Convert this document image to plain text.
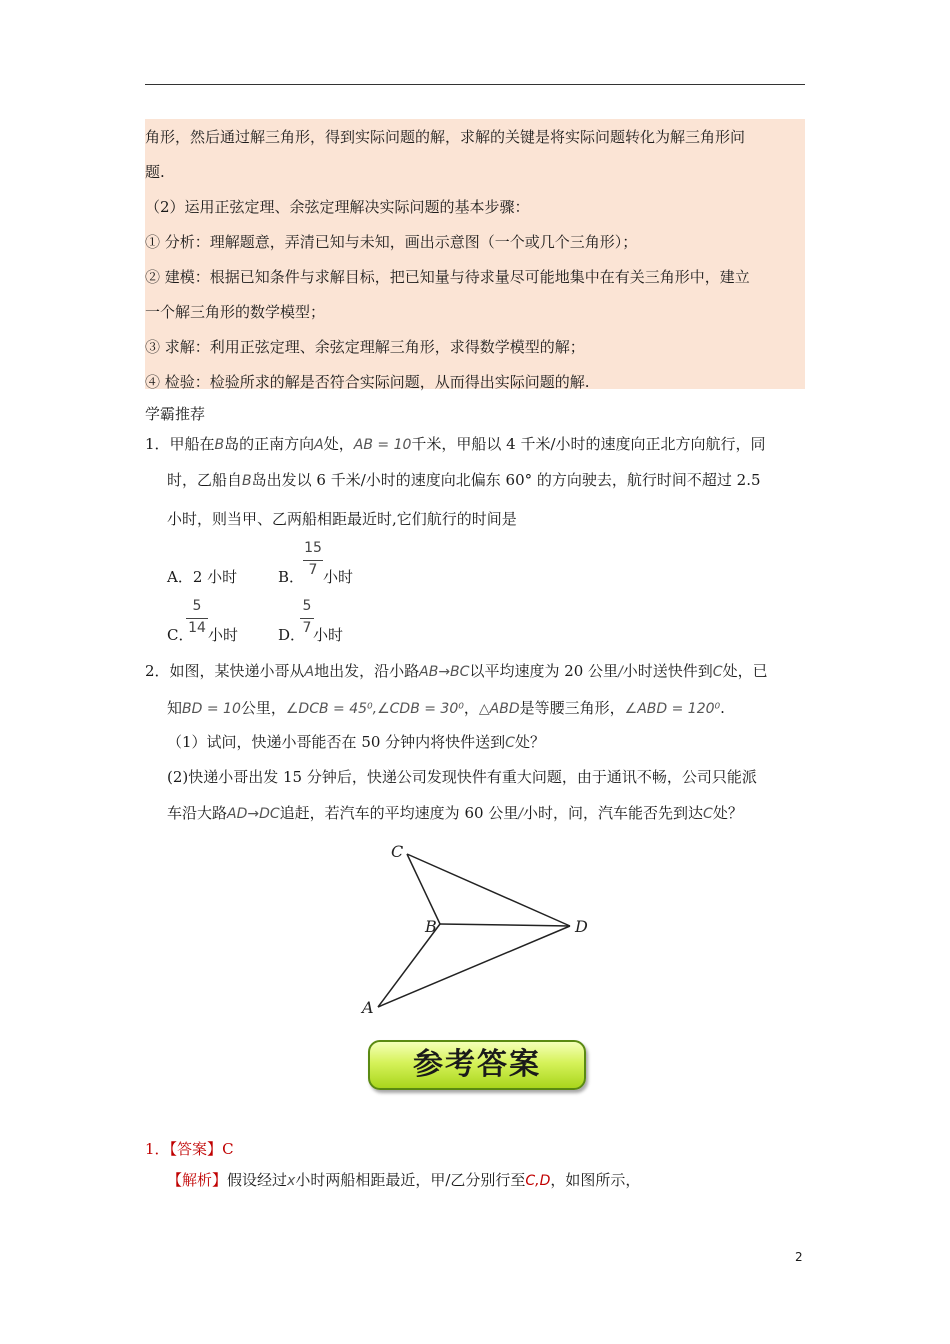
角形，然后通过解三角形，得到实际问题的解，求解的关键是将实际问题转化为解三角形问
题.
（2）运用正弦定理、余弦定理解决实际问题的基本步骤：
① 分析：理解题意，弄清已知与未知，画出示意图（一个或几个三角形）；
② 建模：根据已知条件与求解目标，把已知量与待求量尽可能地集中在有关三角形中，建立
一个解三角形的数学模型；
③ 求解：利用正弦定理、余弦定理解三角形，求得数学模型的解；
④ 检验：检验所求的解是否符合实际问题，从而得出实际问题的解.
学霸推荐
1．甲船在B岛的正南方向A处，AB = 10千米，甲船以 4 千米/小时的速度向正北方向航行，同
时，乙船自B岛出发以 6 千米/小时的速度向北偏东 60° 的方向驶去，航行时间不超过 2.5
小时，则当甲、乙两船相距最近时,它们航行的时间是
A．2 小时	B．
15
7 小时
C．
5
14 小时	D．
5
7 小时
2．如图，某快递小哥从A地出发，沿小路AB→BC以平均速度为 20 公里/小时送快件到C处，已
知BD = 10公里，∠DCB = 45⁰,∠CDB = 30⁰，△ABD是等腰三角形，∠ABD = 120⁰.
（1）试问，快递小哥能否在 50 分钟内将快件送到C处？
(2)快递小哥出发 15 分钟后，快递公司发现快件有重大问题，由于通讯不畅，公司只能派
车沿大路AD→DC追赶，若汽车的平均速度为 60 公里/小时，问，汽车能否先到达C处？
C
B	D
A
参考答案
1．【答案】C
【解析】假设经过x小时两船相距最近，甲/乙分别行至C,D，如图所示，
2
